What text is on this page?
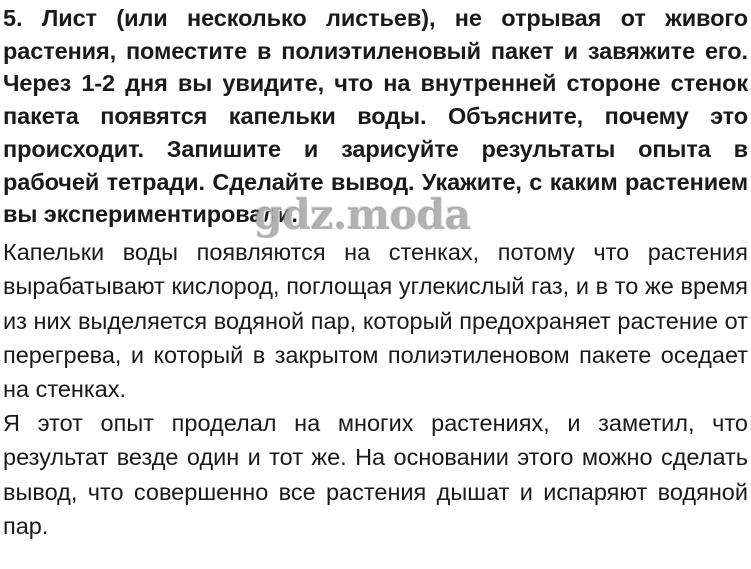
5. Лист (или несколько листьев), не отрывая от живого растения, поместите в полиэтиленовый пакет и завяжите его. Через 1-2 дня вы увидите, что на внутренней стороне стенок пакета появятся капельки воды. Объясните, почему это происходит. Запишите и зарисуйте результаты опыта в рабочей тетради. Сделайте вывод. Укажите, с каким растением вы экспериментировали.
Капельки воды появляются на стенках, потому что растения вырабатывают кислород, поглощая углекислый газ, и в то же время из них выделяется водяной пар, который предохраняет растение от перегрева, и который в закрытом полиэтиленовом пакете оседает на стенках.
Я этот опыт проделал на многих растениях, и заметил, что результат везде один и тот же. На основании этого можно сделать вывод, что совершенно все растения дышат и испаряют водяной пар.
gdz.moda
